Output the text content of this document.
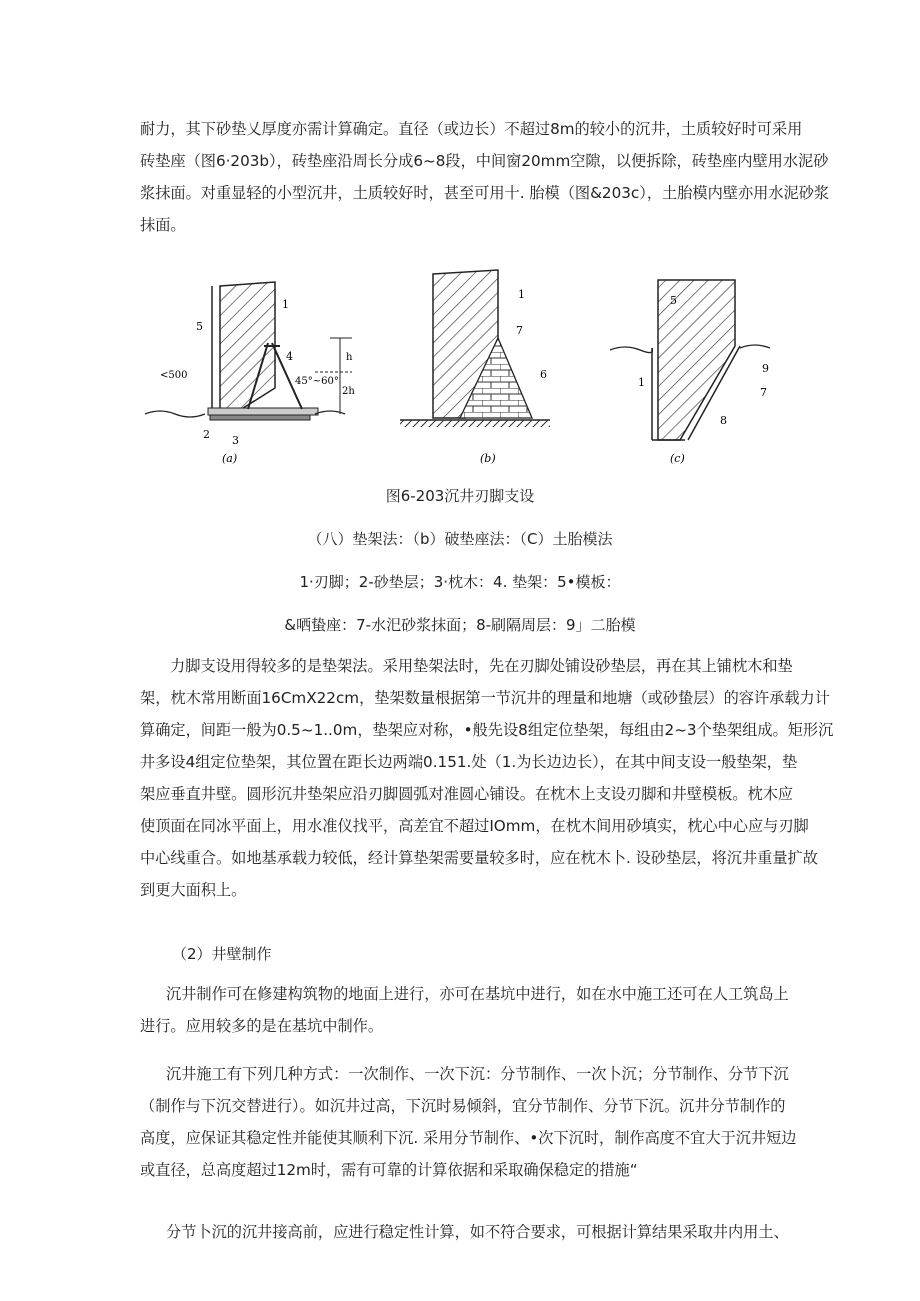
耐力，其下砂垫乂厚度亦需计算确定。直径（或边长）不超过8m的较小的沉井，土质较好时可采用
砖垫座（图6·203b），砖垫座沿周长分成6~8段，中间窗20mm空隙，以便拆除，砖垫座内壁用水泥砂
浆抹面。对重显轻的小型沉井，土质较好时，甚至可用十. 胎模（图&203c），土胎模内壁亦用水泥砂浆
抹面。

1
2 3
4
5
<500
45°~60°
2h
h
(a)
1
6
7
(b)
5
1
9
7
8
(c)

图6-203沉井刃脚支设

（八）垫架法：（b）破垫座法：（C）土胎模法

1·刃脚；2-砂垫层；3·枕木：4. 垫架：5•模板：

&哂蛰座：7-水汜砂浆抹面；8-刷隔周层：9」二胎模

力脚支设用得较多的是垫架法。采用垫架法时，先在刃脚处铺设砂垫层，再在其上铺枕木和垫
架，枕木常用断面16CmX22cm，垫架数量根据第一节沉井的理量和地塘（或砂蛰层）的容许承载力计
算确定，间距一般为0.5~1..0m，垫架应对称，•般先设8组定位垫架，每组由2~3个垫架组成。矩形沉
井多设4组定位垫架，其位置在距长边两端0.151.处（1.为长边边长），在其中间支设一般垫架，垫
架应垂直井壁。圆形沉井垫架应沿刃脚圆弧对准圆心铺设。在枕木上支设刃脚和井壁模板。枕木应
使顶面在同冰平面上，用水准仪找平，高差宜不超过IOmm，在枕木间用砂填实，枕心中心应与刃脚
中心线重合。如地基承载力较低，经计算垫架需要量较多时，应在枕木卜. 设砂垫层，将沉井重量扩故
到更大面积上。

（2）井壁制作

沉井制作可在修建构筑物的地面上进行，亦可在基坑中进行，如在水中施工还可在人工筑岛上
进行。应用较多的是在基坑中制作。

沉井施工有下列几种方式：一次制作、一次下沉：分节制作、一次卜沉；分节制作、分节下沉
（制作与下沉交替进行）。如沉井过高，下沉时易倾斜，宜分节制作、分节下沉。沉井分节制作的
高度，应保证其稳定性并能使其顺利下沉. 采用分节制作、•次下沉时，制作高度不宜大于沉井短边
或直径，总高度超过12m时，需有可靠的计算依据和采取确保稳定的措施“

分节卜沉的沉井接高前，应进行稳定性计算，如不符合要求，可根据计算结果采取井内用土、
